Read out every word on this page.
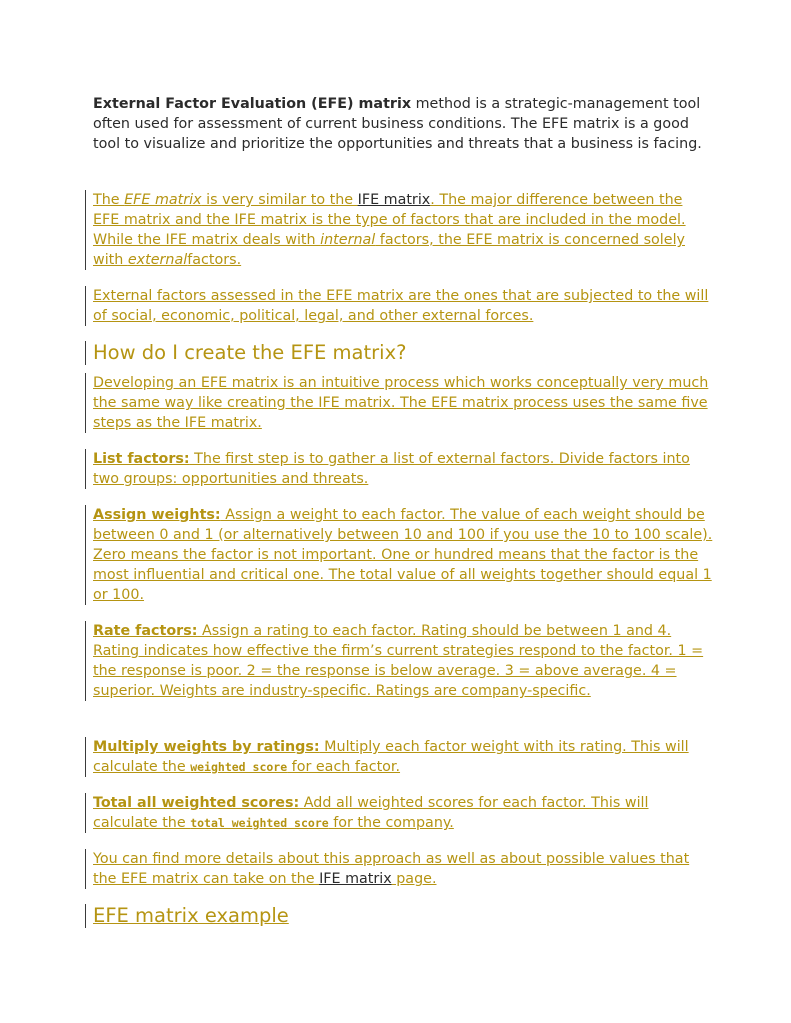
External Factor Evaluation (EFE) matrix method is a strategic-management tool often used for assessment of current business conditions. The EFE matrix is a good tool to visualize and prioritize the opportunities and threats that a business is facing.
The EFE matrix is very similar to the IFE matrix. The major difference between the EFE matrix and the IFE matrix is the type of factors that are included in the model. While the IFE matrix deals with internal factors, the EFE matrix is concerned solely with externalfactors.
External factors assessed in the EFE matrix are the ones that are subjected to the will of social, economic, political, legal, and other external forces.
How do I create the EFE matrix?
Developing an EFE matrix is an intuitive process which works conceptually very much the same way like creating the IFE matrix. The EFE matrix process uses the same five steps as the IFE matrix.
List factors: The first step is to gather a list of external factors. Divide factors into two groups: opportunities and threats.
Assign weights: Assign a weight to each factor. The value of each weight should be between 0 and 1 (or alternatively between 10 and 100 if you use the 10 to 100 scale). Zero means the factor is not important. One or hundred means that the factor is the most influential and critical one. The total value of all weights together should equal 1 or 100.
Rate factors: Assign a rating to each factor. Rating should be between 1 and 4. Rating indicates how effective the firm’s current strategies respond to the factor. 1 = the response is poor. 2 = the response is below average. 3 = above average. 4 = superior. Weights are industry-specific. Ratings are company-specific.
Multiply weights by ratings: Multiply each factor weight with its rating. This will calculate the weighted score for each factor.
Total all weighted scores: Add all weighted scores for each factor. This will calculate the total weighted score for the company.
You can find more details about this approach as well as about possible values that the EFE matrix can take on the IFE matrix page.
EFE matrix example
